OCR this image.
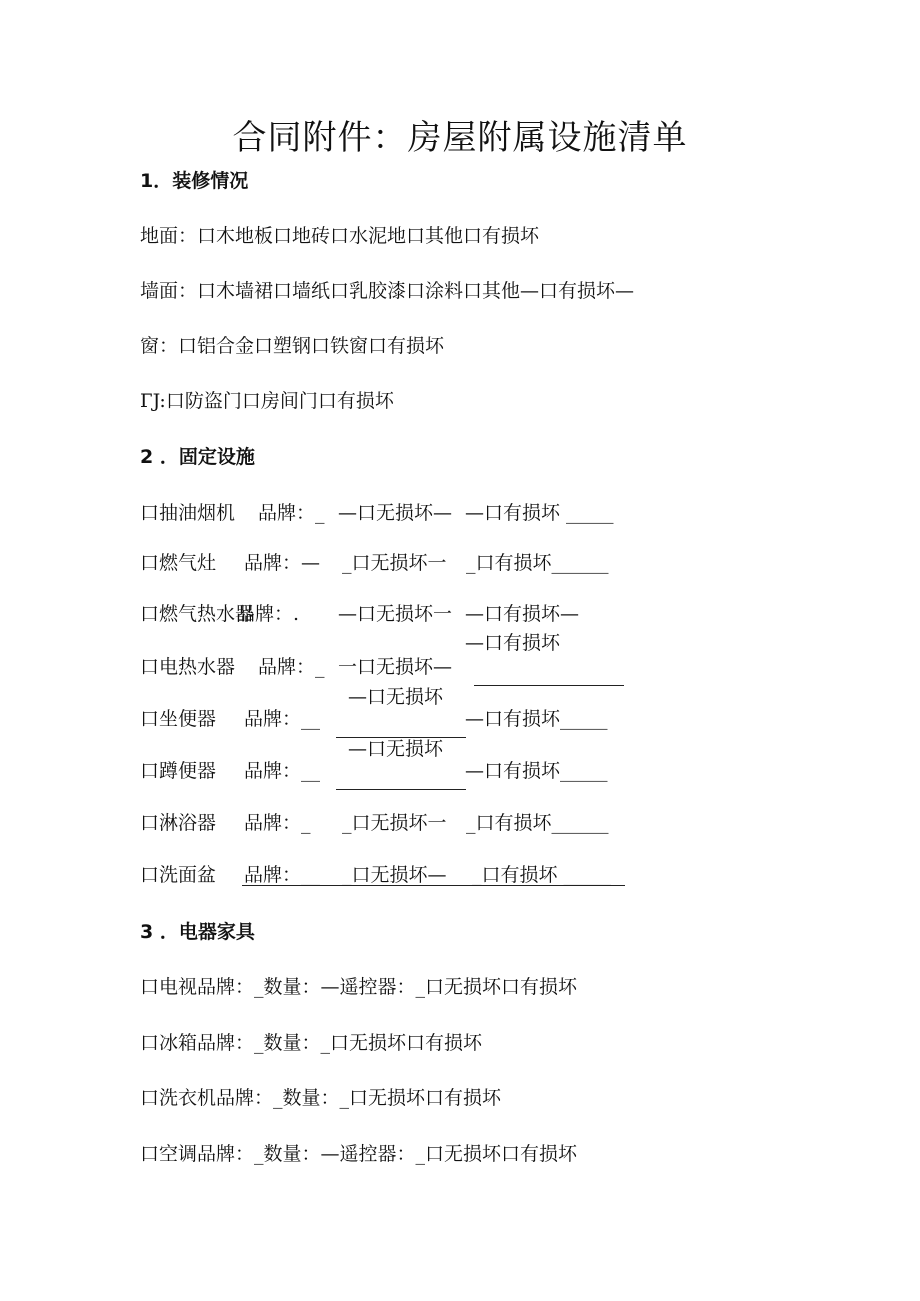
合同附件：房屋附属设施清单
1．装修情况

地面：口木地板口地砖口水泥地口其他口有损坏

墙面：口木墙裙口墙纸口乳胶漆口涂料口其他—口有损坏—

窗：口铝合金口塑钢口铁窗口有损坏

ГJ:口防盗门口房间门口有损坏

2 ．固定设施
口抽油烟机 品牌：_ —口无损坏— —口有损坏 _____
口燃气灶 品牌：— _口无损坏一 _口有损坏______
口燃气热水器
品牌：. —口无损坏一 —口有损坏—
口电热水器 品牌：_ 一口无损坏—
—口有损坏
口坐便器 品牌：__
—口无损坏
—口有损坏_____
口蹲便器 品牌：__
—口无损坏
—口有损坏_____
口淋浴器 品牌：_ _口无损坏一 _口有损坏______
口洗面盆 品牌：__ _口无损坏— _口有损坏 _____
3 ．电器家具

口电视品牌：_数量：—遥控器：_口无损坏口有损坏

口冰箱品牌：_数量：_口无损坏口有损坏

口洗衣机品牌：_数量：_口无损坏口有损坏

口空调品牌：_数量：—遥控器：_口无损坏口有损坏
